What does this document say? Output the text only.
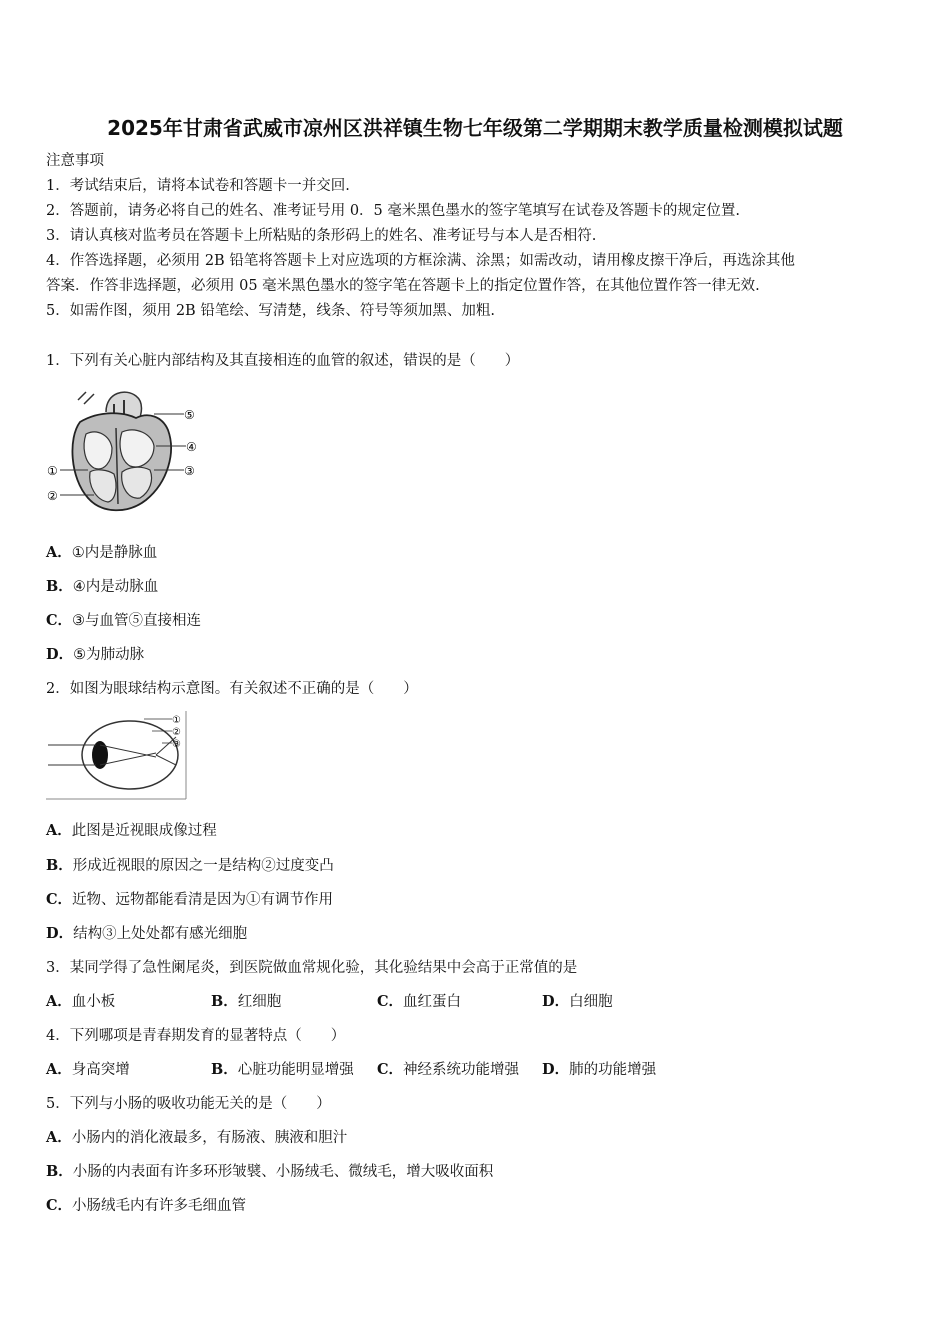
2025年甘肃省武威市凉州区洪祥镇生物七年级第二学期期末教学质量检测模拟试题
注意事项
1．考试结束后，请将本试卷和答题卡一并交回.
2．答题前，请务必将自己的姓名、准考证号用 0．5 毫米黑色墨水的签字笔填写在试卷及答题卡的规定位置.
3．请认真核对监考员在答题卡上所粘贴的条形码上的姓名、准考证号与本人是否相符.
4．作答选择题，必须用 2B 铅笔将答题卡上对应选项的方框涂满、涂黑；如需改动，请用橡皮擦干净后，再选涂其他
答案．作答非选择题，必须用 05 毫米黑色墨水的签字笔在答题卡上的指定位置作答，在其他位置作答一律无效.
5．如需作图，须用 2B 铅笔绘、写清楚，线条、符号等须加黑、加粗.
1．下列有关心脏内部结构及其直接相连的血管的叙述，错误的是（　　）
⑤
④
③
①
②
A．①内是静脉血
B．④内是动脉血
C．③与血管⑤直接相连
D．⑤为肺动脉
2．如图为眼球结构示意图。有关叙述不正确的是（　　）
①
②
③
A．此图是近视眼成像过程
B．形成近视眼的原因之一是结构②过度变凸
C．近物、远物都能看清是因为①有调节作用
D．结构③上处处都有感光细胞
3．某同学得了急性阑尾炎，到医院做血常规化验，其化验结果中会高于正常值的是
A．血小板	B．红细胞	C．血红蛋白	D．白细胞
4．下列哪项是青春期发育的显著特点（　　）
A．身高突增	B．心脏功能明显增强 C．神经系统功能增强 D．肺的功能增强
5．下列与小肠的吸收功能无关的是（　　）
A．小肠内的消化液最多，有肠液、胰液和胆汁
B．小肠的内表面有许多环形皱襞、小肠绒毛、微绒毛，增大吸收面积
C．小肠绒毛内有许多毛细血管
